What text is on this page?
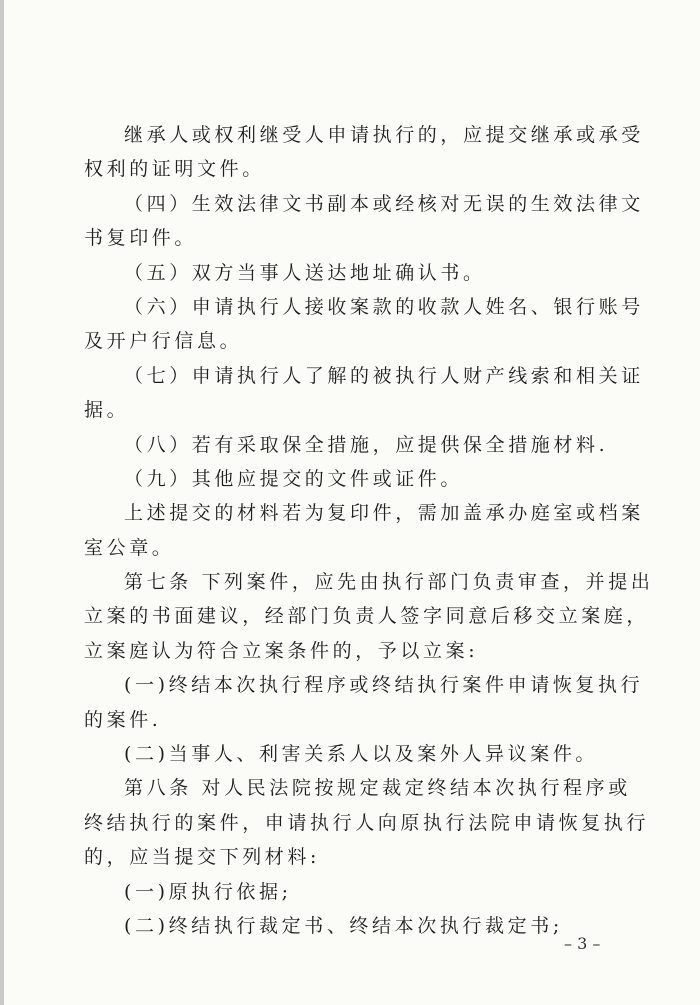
继承人或权利继受人申请执行的，应提交继承或承受
权利的证明文件。
（四）生效法律文书副本或经核对无误的生效法律文
书复印件。
（五）双方当事人送达地址确认书。
（六）申请执行人接收案款的收款人姓名、银行账号
及开户行信息。
（七）申请执行人了解的被执行人财产线索和相关证
据。
（八）若有采取保全措施，应提供保全措施材料.
（九）其他应提交的文件或证件。
上述提交的材料若为复印件，需加盖承办庭室或档案
室公章。
第七条 下列案件，应先由执行部门负责审查，并提出
立案的书面建议，经部门负责人签字同意后移交立案庭，
立案庭认为符合立案条件的，予以立案:
(一)终结本次执行程序或终结执行案件申请恢复执行
的案件.
(二)当事人、利害关系人以及案外人异议案件。
第八条 对人民法院按规定裁定终结本次执行程序或
终结执行的案件，申请执行人向原执行法院申请恢复执行
的，应当提交下列材料:
(一)原执行依据;
(二)终结执行裁定书、终结本次执行裁定书;
– 3 –
